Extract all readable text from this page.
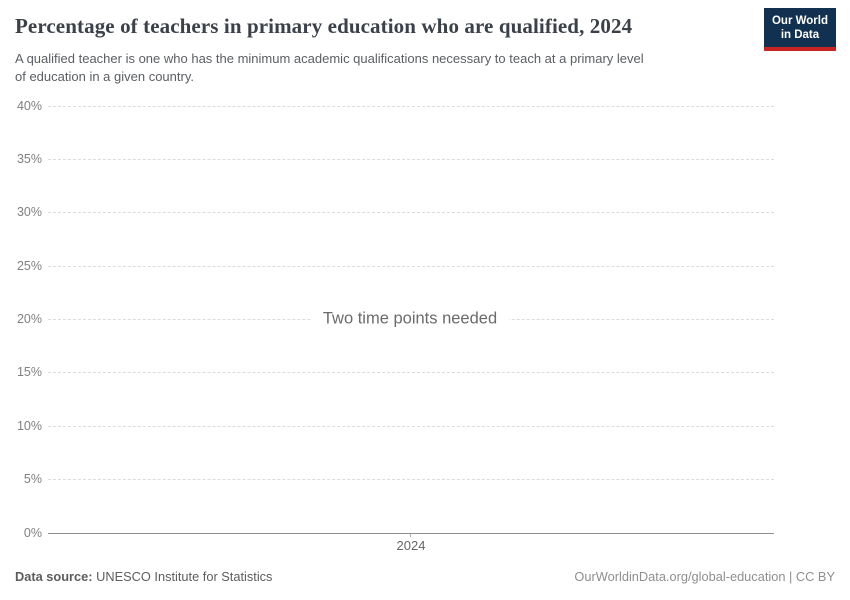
Percentage of teachers in primary education who are qualified, 2024
A qualified teacher is one who has the minimum academic qualifications necessary to teach at a primary level
of education in a given country.
Our World
in Data
2024
40%
35%
30%
25%
20%
15%
10%
5%
0%
Two time points needed
Data source: UNESCO Institute for Statistics	OurWorldinData.org/global-education | CC BY
